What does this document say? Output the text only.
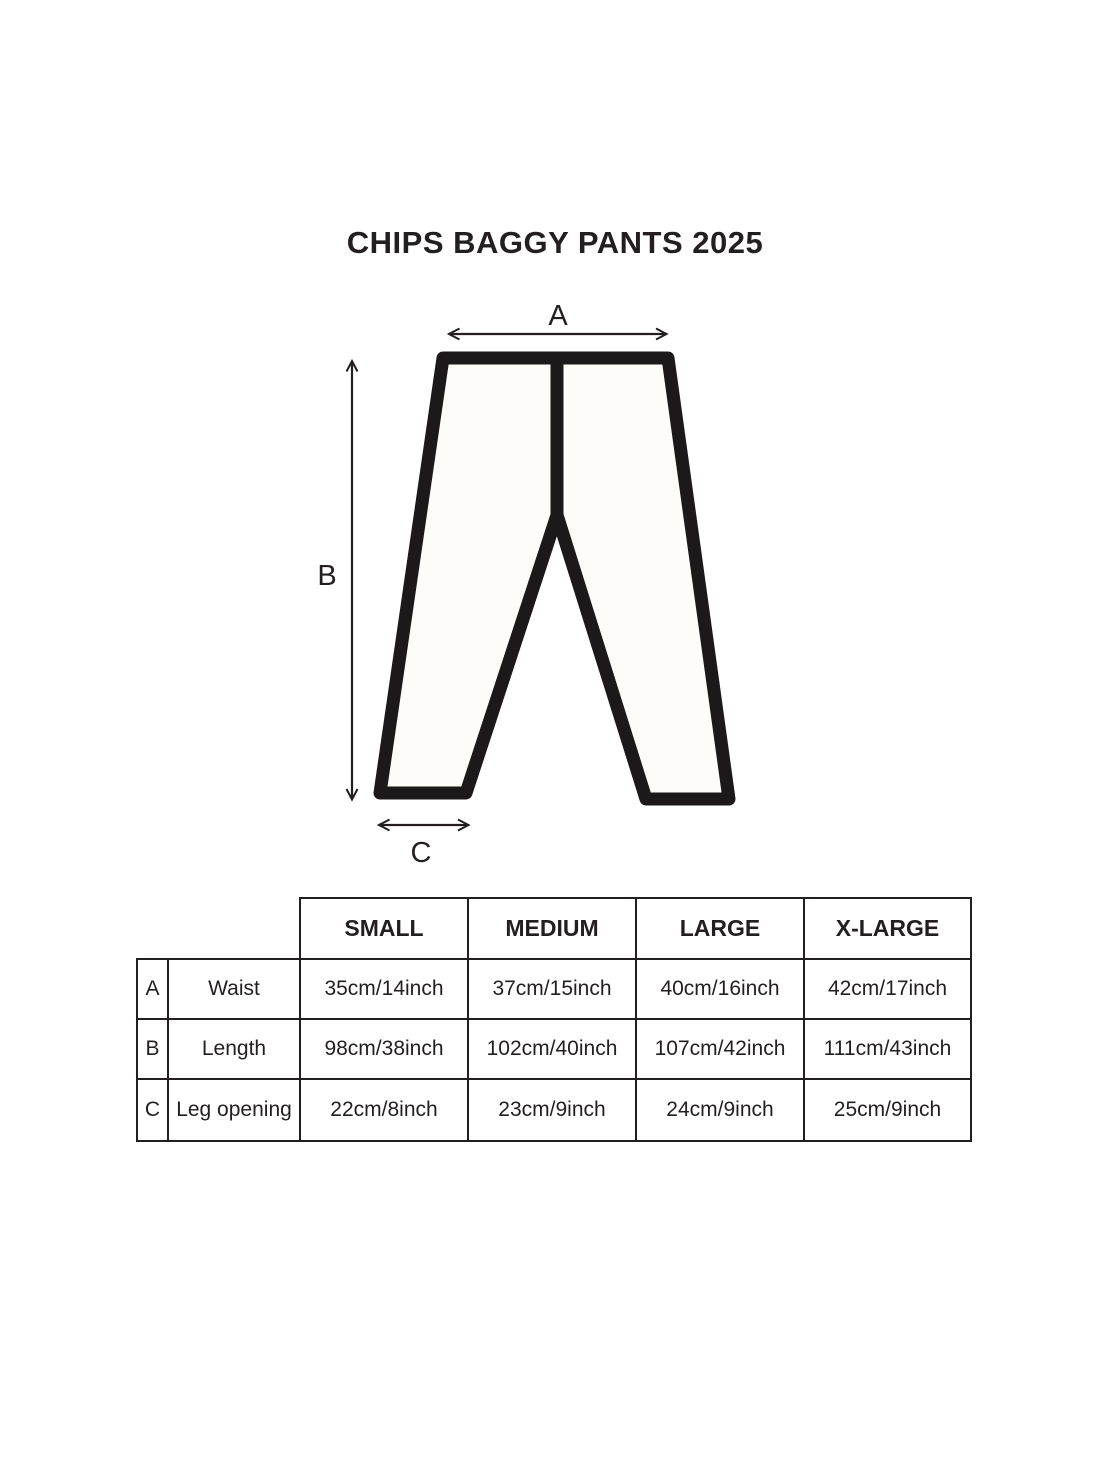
CHIPS BAGGY PANTS 2025
A
B
C
		SMALL	MEDIUM	LARGE	X-LARGE
A	Waist	35cm/14inch	37cm/15inch	40cm/16inch	42cm/17inch
B	Length	98cm/38inch	102cm/40inch	107cm/42inch	111cm/43inch
C	Leg opening	22cm/8inch	23cm/9inch	24cm/9inch	25cm/9inch
